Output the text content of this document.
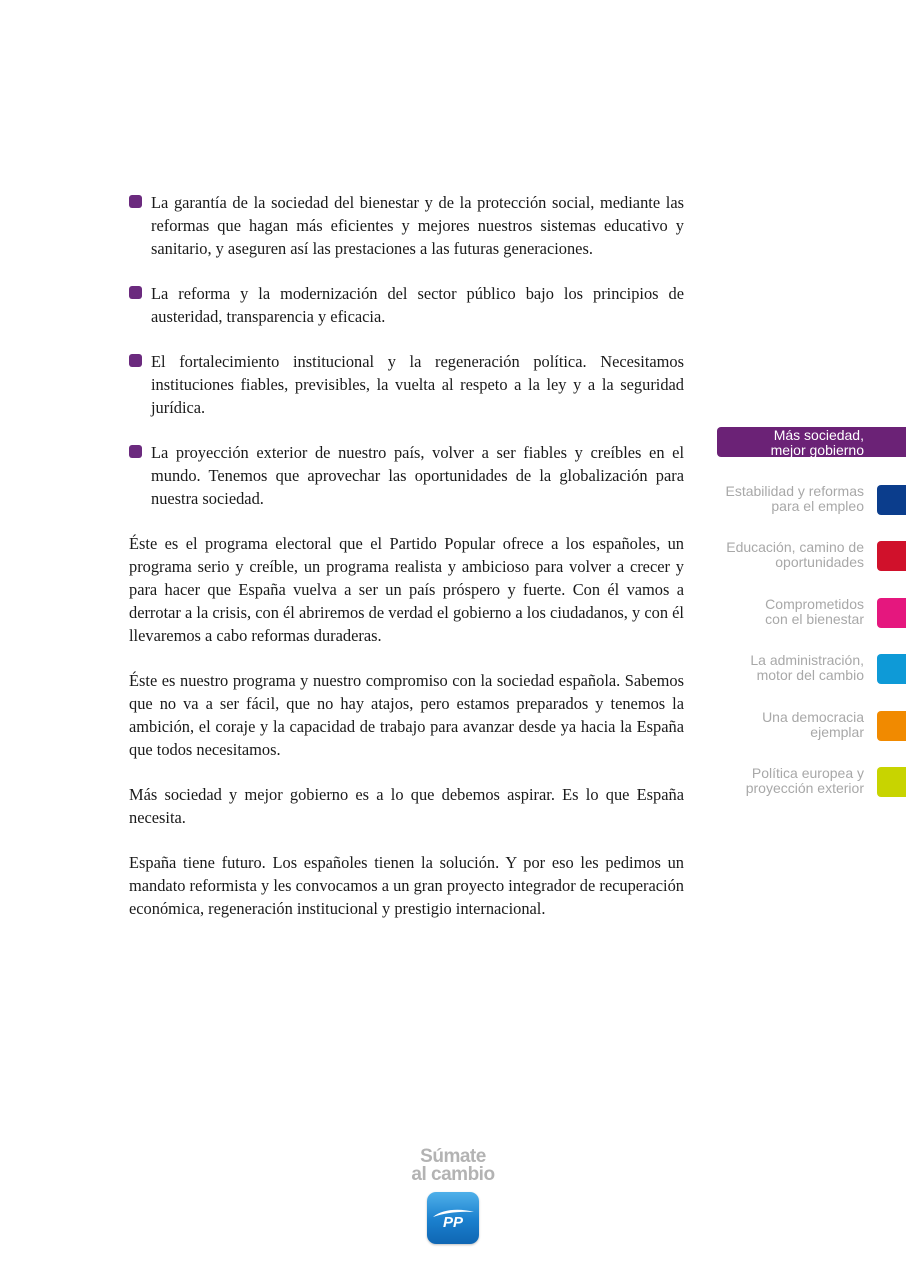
La garantía de la sociedad del bienestar y de la protección social, mediante las reformas que hagan más eficientes y mejores nuestros sistemas educativo y sanitario, y aseguren así las prestaciones a las futuras generaciones.
La reforma y la modernización del sector público bajo los principios de austeridad, transparencia y eficacia.
El fortalecimiento institucional y la regeneración política. Necesitamos instituciones fiables, previsibles, la vuelta al respeto a la ley y a la seguridad jurídica.
La proyección exterior de nuestro país, volver a ser fiables y creíbles en el mundo. Tenemos que aprovechar las oportunidades de la globalización para nuestra sociedad.

Éste es el programa electoral que el Partido Popular ofrece a los españoles, un programa serio y creíble, un programa realista y ambicioso para volver a crecer y para hacer que España vuelva a ser un país próspero y fuerte. Con él vamos a derrotar a la crisis, con él abriremos de verdad el gobierno a los ciudadanos, y con él llevaremos a cabo reformas duraderas.

Éste es nuestro programa y nuestro compromiso con la sociedad española. Sabemos que no va a ser fácil, que no hay atajos, pero estamos preparados y tenemos la ambición, el coraje y la capacidad de trabajo para avanzar desde ya hacia la España que todos necesitamos.

Más sociedad y mejor gobierno es a lo que debemos aspirar. Es lo que España necesita.

España tiene futuro. Los españoles tienen la solución. Y por eso les pedimos un mandato reformista y les convocamos a un gran proyecto integrador de recuperación económica, regeneración institucional y prestigio internacional.

Más sociedad,
mejor gobierno
Estabilidad y reformas
para el empleo
Educación, camino de
oportunidades
Comprometidos
con el bienestar
La administración,
motor del cambio
Una democracia
ejemplar
Política europea y
proyección exterior
Súmate
al cambio
PP
